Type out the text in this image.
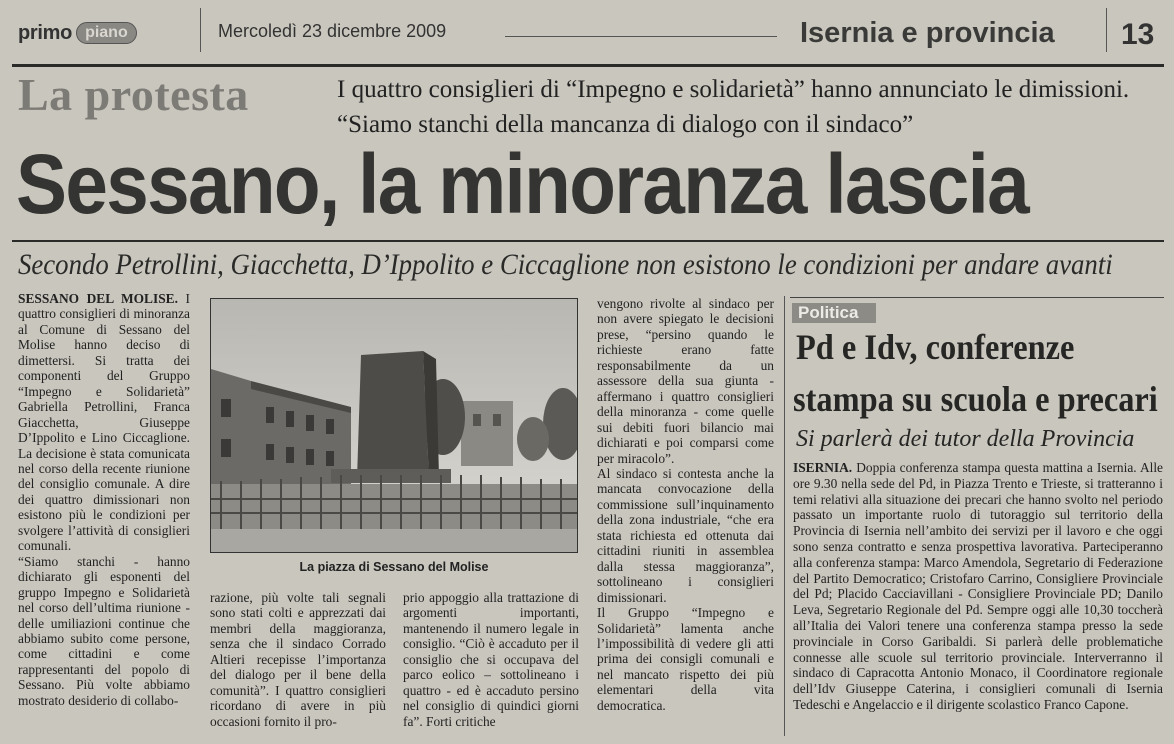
primo piano	Mercoledì 23 dicembre 2009	Isernia e provincia 13
La protesta	I quattro consiglieri di “Impegno e solidarietà” hanno annunciato le dimissioni. “Siamo stanchi della mancanza di dialogo con il sindaco”
Sessano, la minoranza lascia
Secondo Petrollini, Giacchetta, D’Ippolito e Ciccaglione non esistono le condizioni per andare avanti

SESSANO DEL MOLISE. I quattro consiglieri di minoranza al Comune di Sessano del Molise hanno deciso di dimettersi. Si tratta dei componenti del Gruppo “Impegno e Solidarietà” Gabriella Petrollini, Franca Giacchetta, Giuseppe D’Ippolito e Lino Ciccaglione. La decisione è stata comunicata nel corso della recente riunione del consiglio comunale. A dire dei quattro dimissionari non esistono più le condizioni per svolgere l’attività di consiglieri comunali.

“Siamo stanchi - hanno dichiarato gli esponenti del gruppo Impegno e Solidarietà nel corso dell’ultima riunione - delle umiliazioni continue che abbiamo subito come persone, come cittadini e come rappresentanti del popolo di Sessano. Più volte abbiamo mostrato desiderio di collabo-

La piazza di Sessano del Molise
razione, più volte tali segnali sono stati colti e apprezzati dai membri della maggioranza, senza che il sindaco Corrado Altieri recepisse l’importanza del dialogo per il bene della comunità”. I quattro consiglieri ricordano di avere in più occasioni fornito il pro-
prio appoggio alla trattazione di argomenti importanti, mantenendo il numero legale in consiglio. “Ciò è accaduto per il consiglio che si occupava del parco eolico – sottolineano i quattro - ed è accaduto persino nel consiglio di quindici giorni fa”. Forti critiche

vengono rivolte al sindaco per non avere spiegato le decisioni prese, “persino quando le richieste erano fatte responsabilmente da un assessore della sua giunta - affermano i quattro consiglieri della minoranza - come quelle sui debiti fuori bilancio mai dichiarati e poi comparsi come per miracolo”.

Al sindaco si contesta anche la mancata convocazione della commissione sull’inquinamento della zona industriale, “che era stata richiesta ed ottenuta dai cittadini riuniti in assemblea dalla stessa maggioranza”, sottolineano i consiglieri dimissionari.

Il Gruppo “Impegno e Solidarietà” lamenta anche l’impossibilità di vedere gli atti prima dei consigli comunali e nel mancato rispetto dei più elementari della vita democratica.

Politica
Pd e Idv, conferenze
stampa su scuola e precari
Si parlerà dei tutor della Provincia

ISERNIA. Doppia conferenza stampa questa mattina a Isernia. Alle ore 9.30 nella sede del Pd, in Piazza Trento e Trieste, si tratteranno i temi relativi alla situazione dei precari che hanno svolto nel periodo passato un importante ruolo di tutoraggio sul territorio della Provincia di Isernia nell’ambito dei servizi per il lavoro e che oggi sono senza contratto e senza prospettiva lavorativa. Parteciperanno alla conferenza stampa: Marco Amendola, Segretario di Federazione del Partito Democratico; Cristofaro Carrino, Consigliere Provinciale del Pd; Placido Cacciavillani - Consigliere Provinciale PD; Danilo Leva, Segretario Regionale del Pd. Sempre oggi alle 10,30 toccherà all’Italia dei Valori tenere una conferenza stampa presso la sede provinciale in Corso Garibaldi. Si parlerà delle problematiche connesse alle scuole sul territorio provinciale. Interverranno il sindaco di Capracotta Antonio Monaco, il Coordinatore regionale dell’Idv Giuseppe Caterina, i consiglieri comunali di Isernia Tedeschi e Angelaccio e il dirigente scolastico Franco Capone.
